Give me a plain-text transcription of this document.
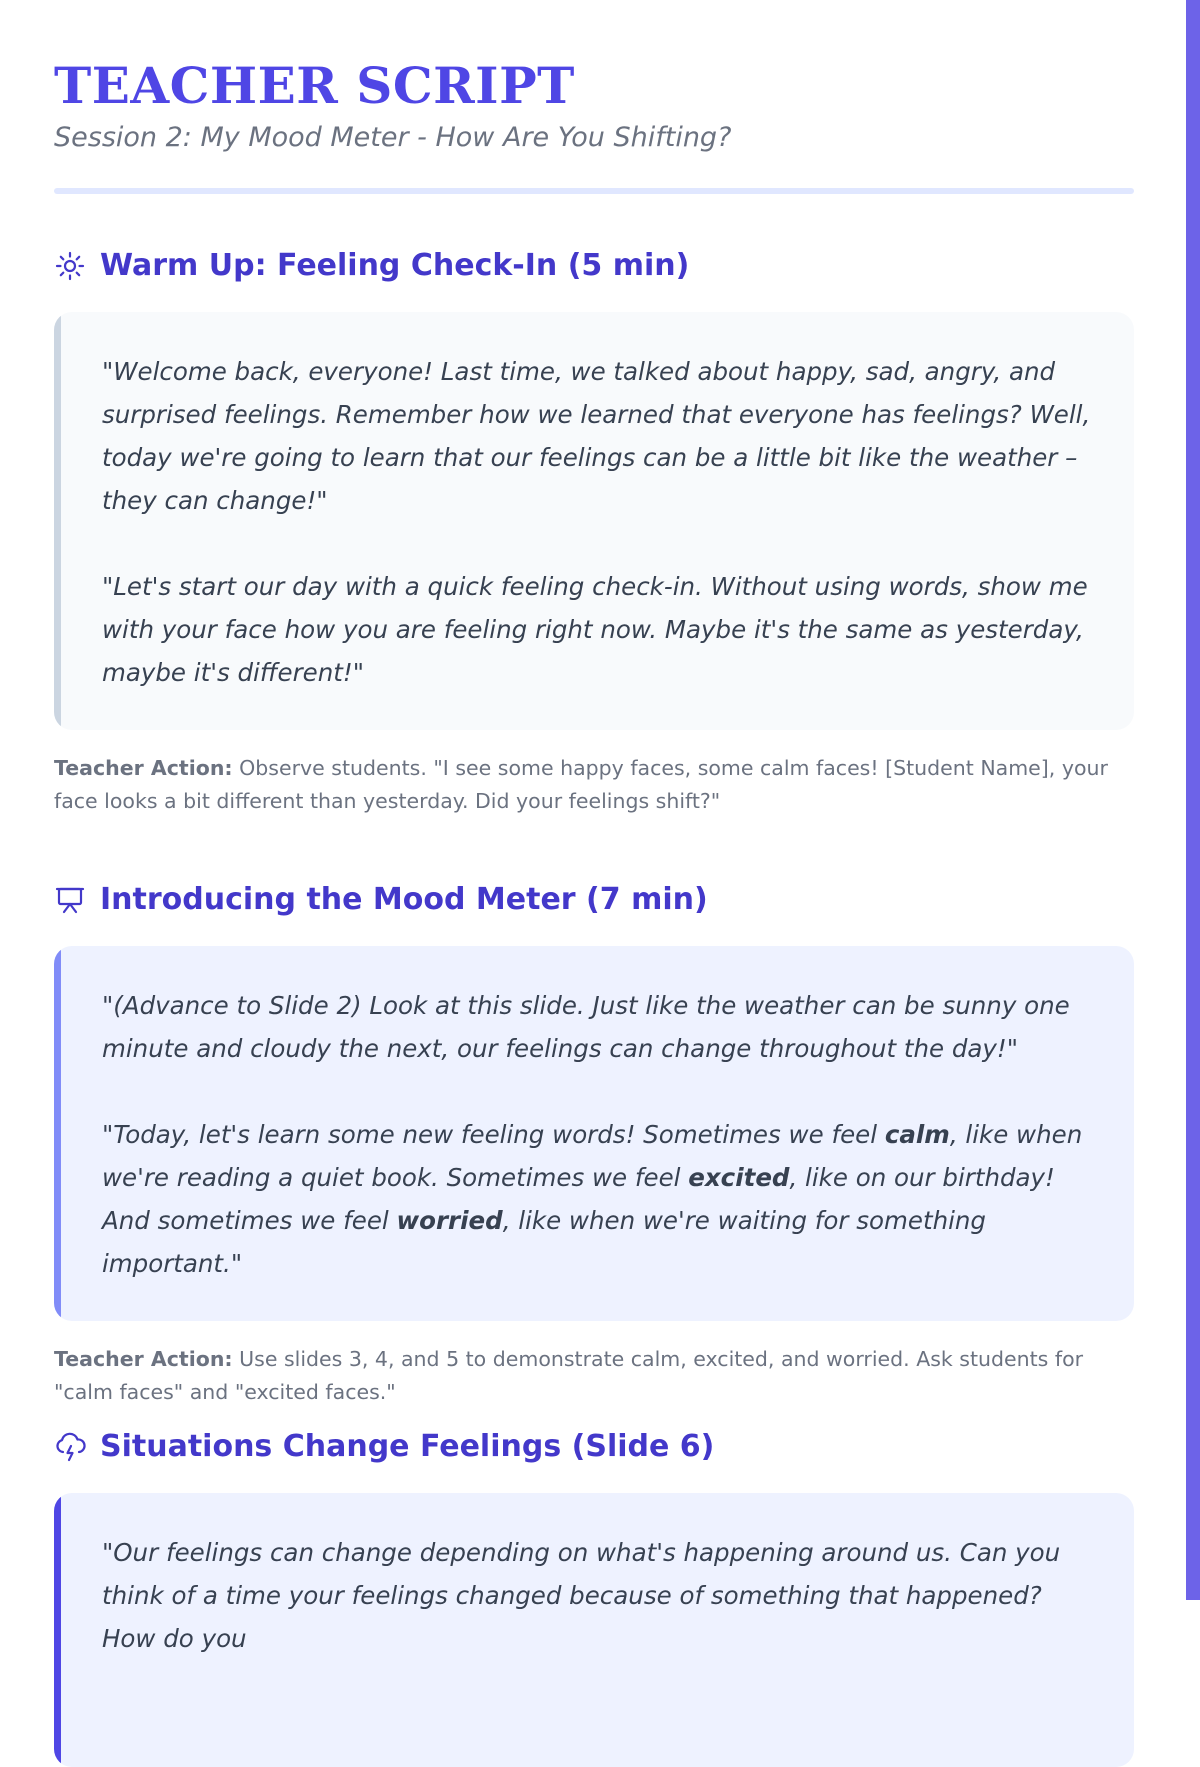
TEACHER SCRIPT
Session 2: My Mood Meter - How Are You Shifting?
Warm Up: Feeling Check-In (5 min)

"Welcome back, everyone! Last time, we talked about happy, sad, angry, and surprised feelings. Remember how we learned that everyone has feelings? Well, today we're going to learn that our feelings can be a little bit like the weather – they can change!"

"Let's start our day with a quick feeling check-in. Without using words, show me with your face how you are feeling right now. Maybe it's the same as yesterday, maybe it's different!"

Teacher Action: Observe students. "I see some happy faces, some calm faces! [Student Name], your face looks a bit different than yesterday. Did your feelings shift?"

Introducing the Mood Meter (7 min)

"(Advance to Slide 2) Look at this slide. Just like the weather can be sunny one minute and cloudy the next, our feelings can change throughout the day!"

"Today, let's learn some new feeling words! Sometimes we feel calm, like when we're reading a quiet book. Sometimes we feel excited, like on our birthday! And sometimes we feel worried, like when we're waiting for something important."

Teacher Action: Use slides 3, 4, and 5 to demonstrate calm, excited, and worried. Ask students for "calm faces" and "excited faces."

Situations Change Feelings (Slide 6)

"Our feelings can change depending on what's happening around us. Can you think of a time your feelings changed because of something that happened? How do you
